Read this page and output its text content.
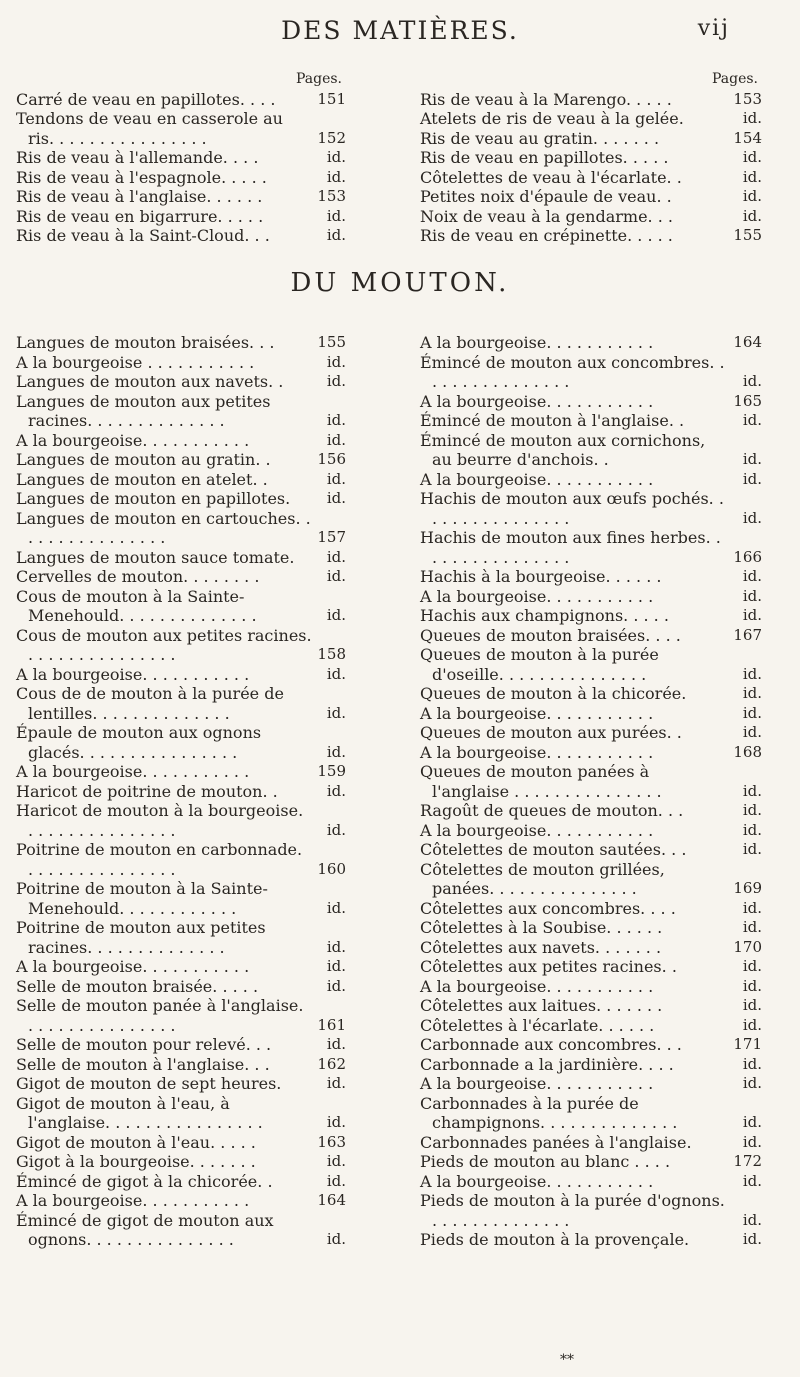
DES MATIÈRES.	vij
Pages.
Carré de veau en papillotes. . . .	151
Tendons de veau en casserole au ris. . . . . . . . . . . . . . . .	152
Ris de veau à l'allemande. . . .	id.
Ris de veau à l'espagnole. . . . .	id.
Ris de veau à l'anglaise. . . . . .	153
Ris de veau en bigarrure. . . . .	id.
Ris de veau à la Saint-Cloud. . .	id.
Pages.
Ris de veau à la Marengo. . . . .	153
Atelets de ris de veau à la gelée.	id.
Ris de veau au gratin. . . . . . .	154
Ris de veau en papillotes. . . . .	id.
Côtelettes de veau à l'écarlate. .	id.
Petites noix d'épaule de veau. .	id.
Noix de veau à la gendarme. . .	id.
Ris de veau en crépinette. . . . .	155
DU MOUTON.
Langues de mouton braisées. . .	155
A la bourgeoise . . . . . . . . . . .	id.
Langues de mouton aux navets. .	id.
Langues de mouton aux petites racines. . . . . . . . . . . . . .	id.
A la bourgeoise. . . . . . . . . . .	id.
Langues de mouton au gratin. .	156
Langues de mouton en atelet. .	id.
Langues de mouton en papillotes.	id.
Langues de mouton en cartouches. . . . . . . . . . . . . . . .	157
Langues de mouton sauce tomate.	id.
Cervelles de mouton. . . . . . . .	id.
Cous de mouton à la Sainte-Menehould. . . . . . . . . . . . . .	id.
Cous de mouton aux petites racines. . . . . . . . . . . . . . . .	158
A la bourgeoise. . . . . . . . . . .	id.
Cous de de mouton à la purée de lentilles. . . . . . . . . . . . . .	id.
Épaule de mouton aux ognons glacés. . . . . . . . . . . . . . . .	id.
A la bourgeoise. . . . . . . . . . .	159
Haricot de poitrine de mouton. .	id.
Haricot de mouton à la bourgeoise. . . . . . . . . . . . . . . .	id.
Poitrine de mouton en carbonnade. . . . . . . . . . . . . . . .	160
Poitrine de mouton à la Sainte-Menehould. . . . . . . . . . . .	id.
Poitrine de mouton aux petites racines. . . . . . . . . . . . . .	id.
A la bourgeoise. . . . . . . . . . .	id.
Selle de mouton braisée. . . . .	id.
Selle de mouton panée à l'anglaise. . . . . . . . . . . . . . . .	161
Selle de mouton pour relevé. . .	id.
Selle de mouton à l'anglaise. . .	162
Gigot de mouton de sept heures.	id.
Gigot de mouton à l'eau, à l'anglaise. . . . . . . . . . . . . . . .	id.
Gigot de mouton à l'eau. . . . .	163
Gigot à la bourgeoise. . . . . . .	id.
Émincé de gigot à la chicorée. .	id.
A la bourgeoise. . . . . . . . . . .	164
Émincé de gigot de mouton aux ognons. . . . . . . . . . . . . . .	id.
A la bourgeoise. . . . . . . . . . .	164
Émincé de mouton aux concombres. . . . . . . . . . . . . . . .	id.
A la bourgeoise. . . . . . . . . . .	165
Émincé de mouton à l'anglaise. .	id.
Émincé de mouton aux cornichons, au beurre d'anchois. .	id.
A la bourgeoise. . . . . . . . . . .	id.
Hachis de mouton aux œufs pochés. . . . . . . . . . . . . . . .	id.
Hachis de mouton aux fines herbes. . . . . . . . . . . . . . . .	166
Hachis à la bourgeoise. . . . . .	id.
A la bourgeoise. . . . . . . . . . .	id.
Hachis aux champignons. . . . .	id.
Queues de mouton braisées. . . .	167
Queues de mouton à la purée d'oseille. . . . . . . . . . . . . . .	id.
Queues de mouton à la chicorée.	id.
A la bourgeoise. . . . . . . . . . .	id.
Queues de mouton aux purées. .	id.
A la bourgeoise. . . . . . . . . . .	168
Queues de mouton panées à l'anglaise . . . . . . . . . . . . . . .	id.
Ragoût de queues de mouton. . .	id.
A la bourgeoise. . . . . . . . . . .	id.
Côtelettes de mouton sautées. . .	id.
Côtelettes de mouton grillées, panées. . . . . . . . . . . . . . .	169
Côtelettes aux concombres. . . .	id.
Côtelettes à la Soubise. . . . . .	id.
Côtelettes aux navets. . . . . . .	170
Côtelettes aux petites racines. .	id.
A la bourgeoise. . . . . . . . . . .	id.
Côtelettes aux laitues. . . . . . .	id.
Côtelettes à l'écarlate. . . . . .	id.
Carbonnade aux concombres. . .	171
Carbonnade a la jardinière. . . .	id.
A la bourgeoise. . . . . . . . . . .	id.
Carbonnades à la purée de champignons. . . . . . . . . . . . . .	id.
Carbonnades panées à l'anglaise.	id.
Pieds de mouton au blanc . . . .	172
A la bourgeoise. . . . . . . . . . .	id.
Pieds de mouton à la purée d'ognons. . . . . . . . . . . . . . .	id.
Pieds de mouton à la provençale.	id.
**
